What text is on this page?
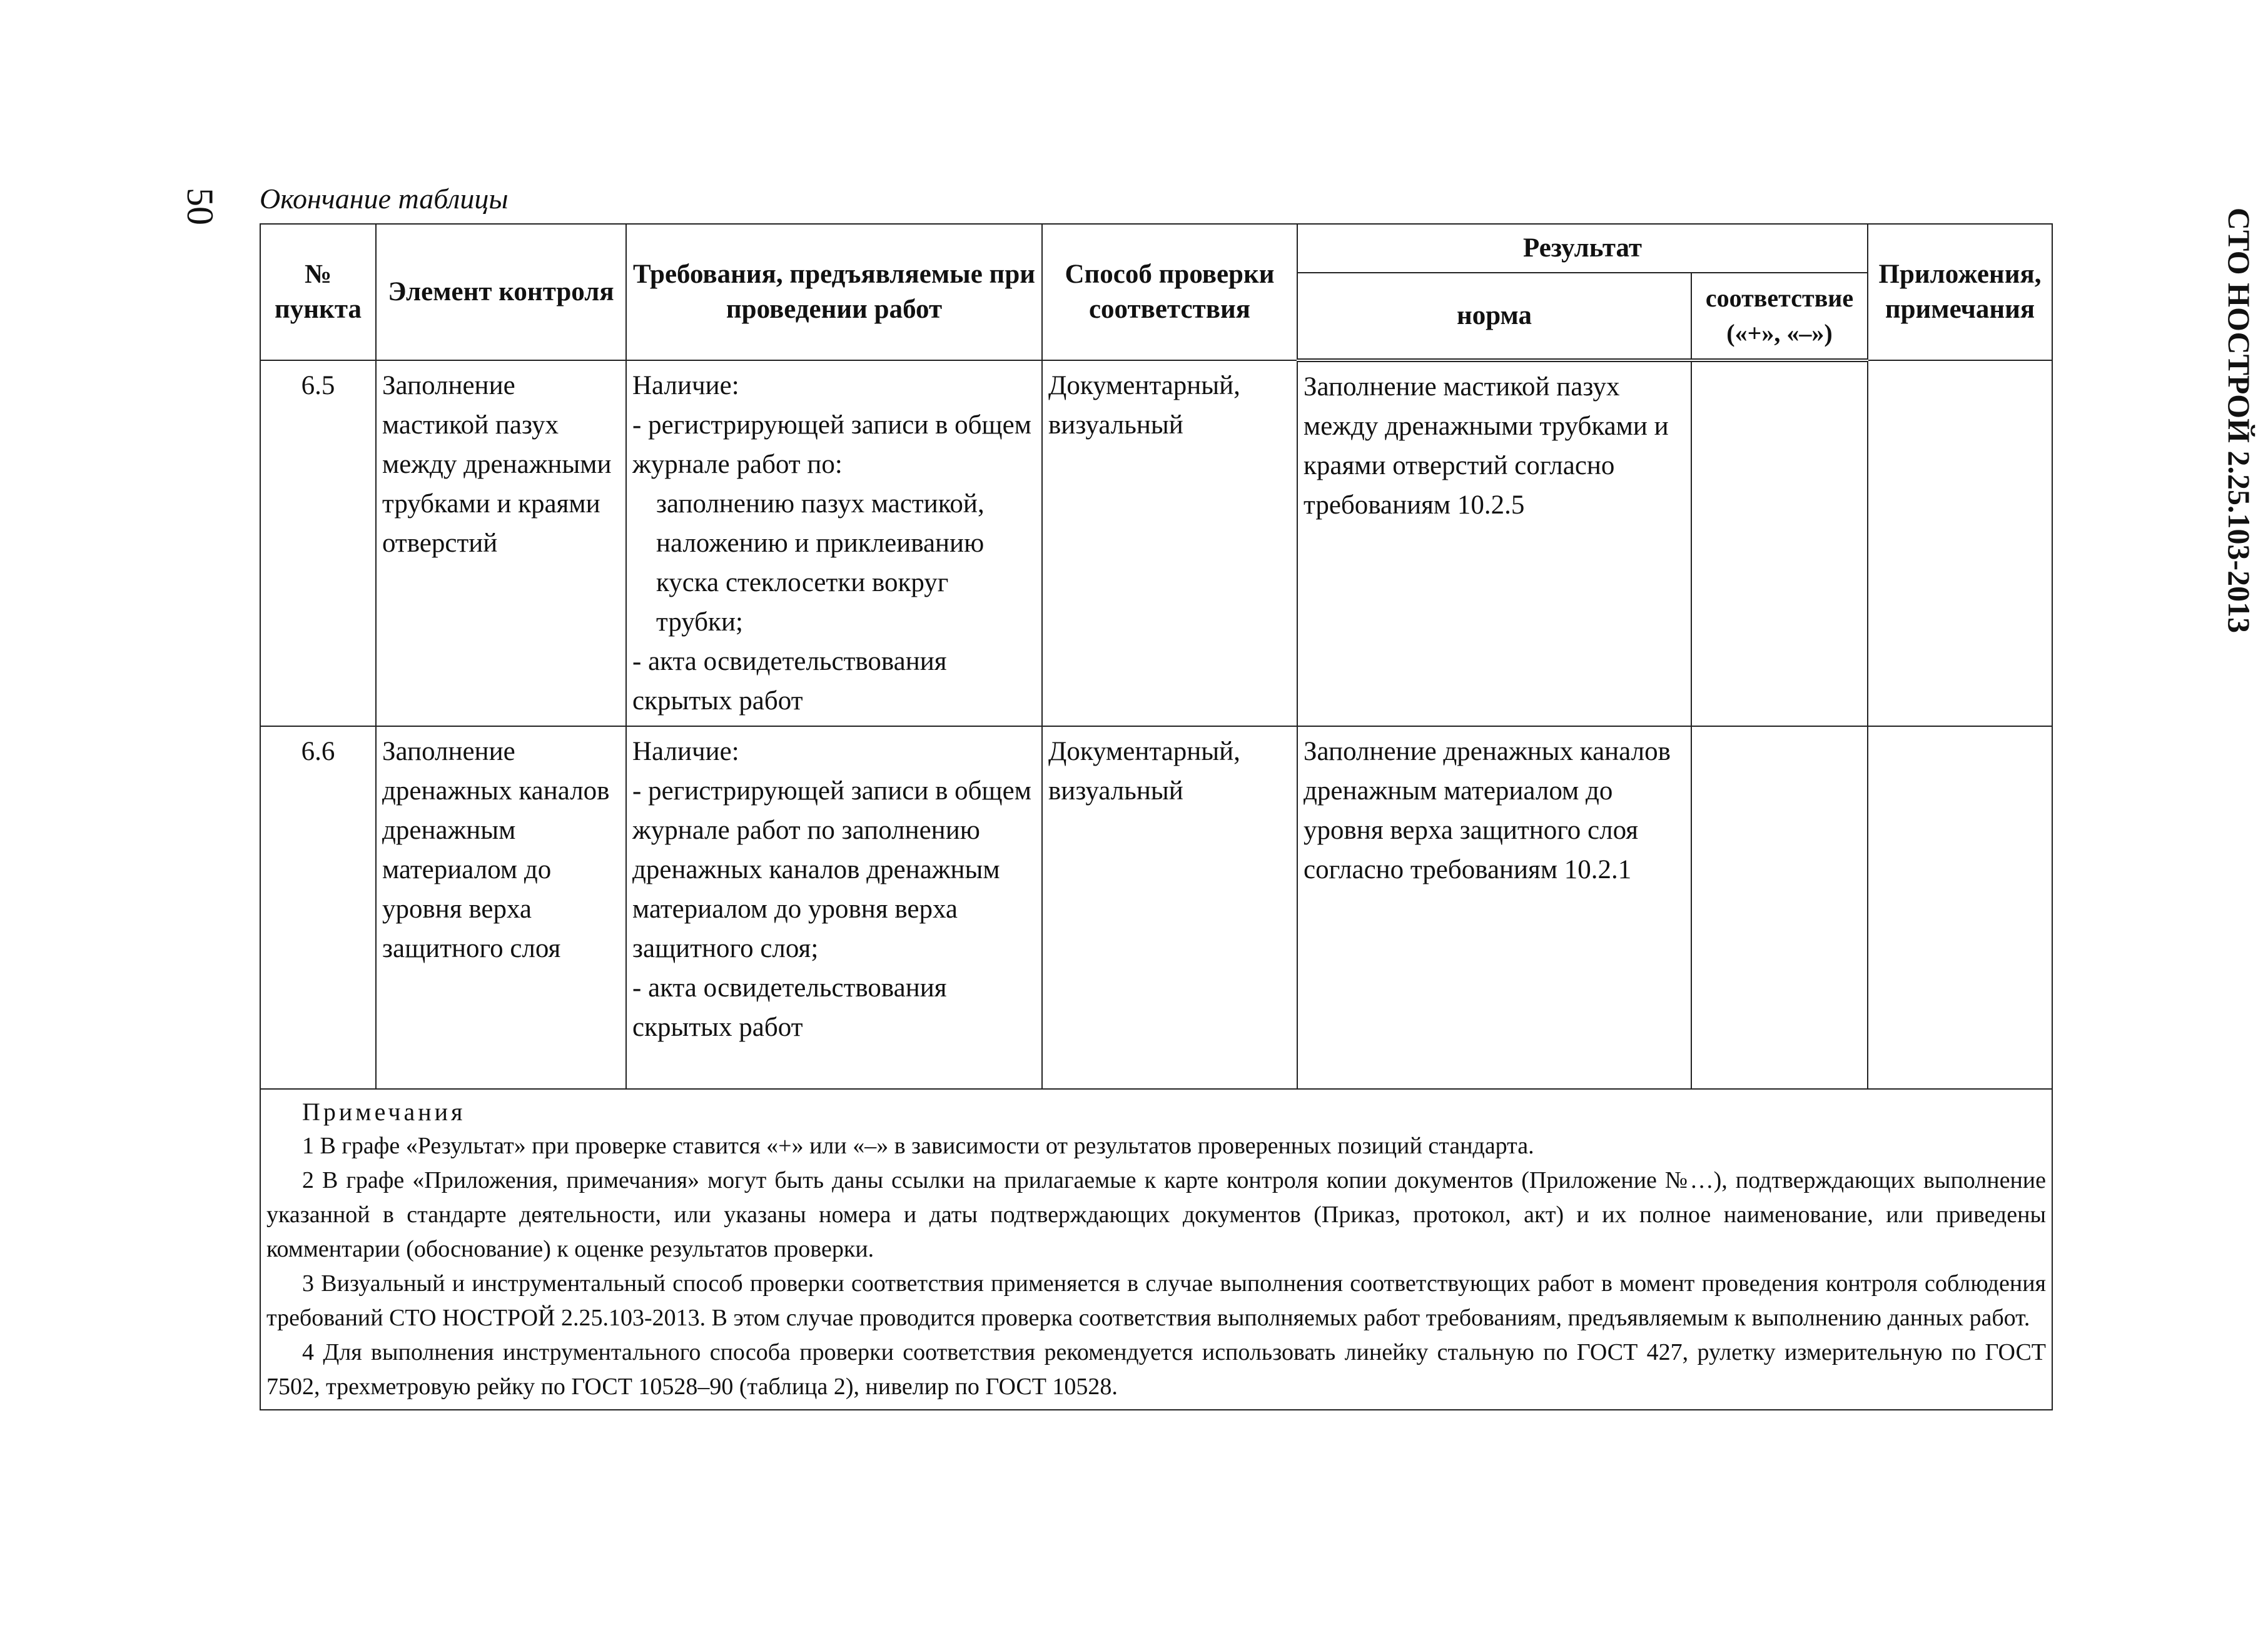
50
СТО НОСТРОЙ 2.25.103-2013
Окончание таблицы
№ пункта	Элемент контроля	Требования, предъявляемые при проведении работ	Способ проверки соответствия	Результат		Приложения, примечания
				норма	соответствие («+», «–»)	
6.5	Заполнение мастикой пазух между дренажными трубками и краями отверстий	Наличие:
- регистрирующей записи в общем журнале работ по:
заполнению пазух мастикой, наложению и приклеиванию куска стеклосетки вокруг трубки;
- акта освидетельствования скрытых работ	Документарный, визуальный	Заполнение мастикой пазух между дренажными трубками и краями отверстий согласно требованиям 10.2.5		
6.6	Заполнение дренажных каналов дренажным материалом до уровня верха защитного слоя	Наличие:
- регистрирующей записи в общем журнале работ по заполнению дренажных каналов дренажным материалом до уровня верха защитного слоя;
- акта освидетельствования скрытых работ	Документарный, визуальный	Заполнение дренажных каналов дренажным материалом до уровня верха защитного слоя согласно требованиям 10.2.1		

Примечания
1 В графе «Результат» при проверке ставится «+» или «–» в зависимости от результатов проверенных позиций стандарта.
2 В графе «Приложения, примечания» могут быть даны ссылки на прилагаемые к карте контроля копии документов (Приложение №…), подтверждающих выполнение указанной в стандарте деятельности, или указаны номера и даты подтверждающих документов (Приказ, протокол, акт) и их полное наименование, или приведены комментарии (обоснование) к оценке результатов проверки.
3 Визуальный и инструментальный способ проверки соответствия применяется в случае выполнения соответствующих работ в момент проведения контроля соблюдения требований СТО НОСТРОЙ 2.25.103-2013. В этом случае проводится проверка соответствия выполняемых работ требованиям, предъявляемым к выполнению данных работ.
4 Для выполнения инструментального способа проверки соответствия рекомендуется использовать линейку стальную по ГОСТ 427, рулетку измерительную по ГОСТ 7502, трехметровую рейку по ГОСТ 10528–90 (таблица 2), нивелир по ГОСТ 10528.						
